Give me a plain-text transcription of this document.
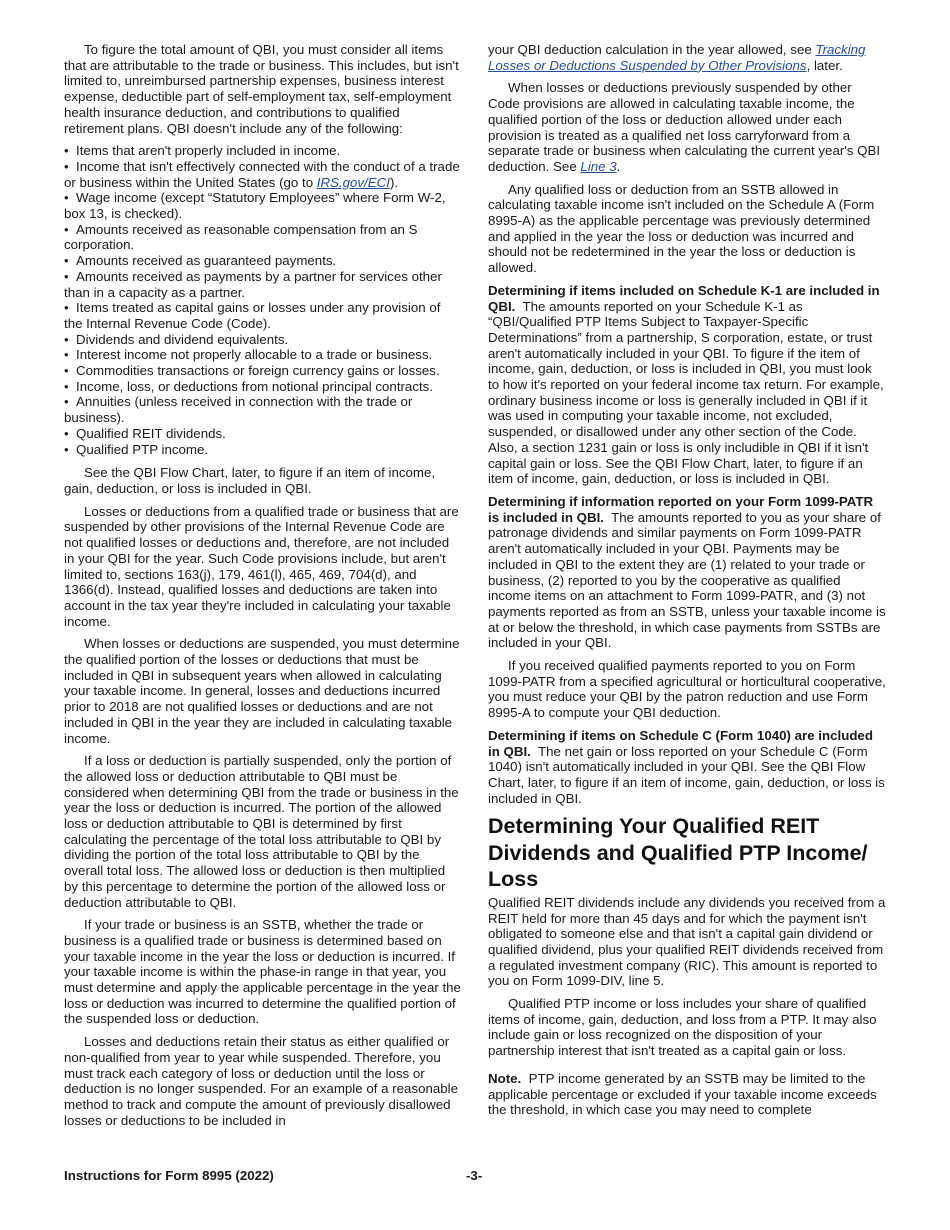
To figure the total amount of QBI, you must consider all items that are attributable to the trade or business. This includes, but isn't limited to, unreimbursed partnership expenses, business interest expense, deductible part of self-employment tax, self-employment health insurance deduction, and contributions to qualified retirement plans. QBI doesn't include any of the following:

•  Items that aren't properly included in income.
•  Income that isn't effectively connected with the conduct of a trade or business within the United States (go to IRS.gov/ECI).
•  Wage income (except “Statutory Employees” where Form W-2, box 13, is checked).
•  Amounts received as reasonable compensation from an S corporation.
•  Amounts received as guaranteed payments.
•  Amounts received as payments by a partner for services other than in a capacity as a partner.
•  Items treated as capital gains or losses under any provision of the Internal Revenue Code (Code).
•  Dividends and dividend equivalents.
•  Interest income not properly allocable to a trade or business.
•  Commodities transactions or foreign currency gains or losses.
•  Income, loss, or deductions from notional principal contracts.
•  Annuities (unless received in connection with the trade or business).
•  Qualified REIT dividends.
•  Qualified PTP income.

See the QBI Flow Chart, later, to figure if an item of income, gain, deduction, or loss is included in QBI.

Losses or deductions from a qualified trade or business that are suspended by other provisions of the Internal Revenue Code are not qualified losses or deductions and, therefore, are not included in your QBI for the year. Such Code provisions include, but aren't limited to, sections 163(j), 179, 461(l), 465, 469, 704(d), and 1366(d). Instead, qualified losses and deductions are taken into account in the tax year they're included in calculating your taxable income.

When losses or deductions are suspended, you must determine the qualified portion of the losses or deductions that must be included in QBI in subsequent years when allowed in calculating your taxable income. In general, losses and deductions incurred prior to 2018 are not qualified losses or deductions and are not included in QBI in the year they are included in calculating taxable income.

If a loss or deduction is partially suspended, only the portion of the allowed loss or deduction attributable to QBI must be considered when determining QBI from the trade or business in the year the loss or deduction is incurred. The portion of the allowed loss or deduction attributable to QBI is determined by first calculating the percentage of the total loss attributable to QBI by dividing the portion of the total loss attributable to QBI by the overall total loss. The allowed loss or deduction is then multiplied by this percentage to determine the portion of the allowed loss or deduction attributable to QBI.

If your trade or business is an SSTB, whether the trade or business is a qualified trade or business is determined based on your taxable income in the year the loss or deduction is incurred. If your taxable income is within the phase-in range in that year, you must determine and apply the applicable percentage in the year the loss or deduction was incurred to determine the qualified portion of the suspended loss or deduction.

Losses and deductions retain their status as either qualified or non-qualified from year to year while suspended. Therefore, you must track each category of loss or deduction until the loss or deduction is no longer suspended. For an example of a reasonable method to track and compute the amount of previously disallowed losses or deductions to be included in

your QBI deduction calculation in the year allowed, see Tracking Losses or Deductions Suspended by Other Provisions, later.

When losses or deductions previously suspended by other Code provisions are allowed in calculating taxable income, the qualified portion of the loss or deduction allowed under each provision is treated as a qualified net loss carryforward from a separate trade or business when calculating the current year's QBI deduction. See Line 3.

Any qualified loss or deduction from an SSTB allowed in calculating taxable income isn't included on the Schedule A (Form 8995-A) as the applicable percentage was previously determined and applied in the year the loss or deduction was incurred and should not be redetermined in the year the loss or deduction is allowed.

Determining if items included on Schedule K-1 are included in QBI. The amounts reported on your Schedule K-1 as “QBI/Qualified PTP Items Subject to Taxpayer-Specific Determinations” from a partnership, S corporation, estate, or trust aren't automatically included in your QBI. To figure if the item of income, gain, deduction, or loss is included in QBI, you must look to how it's reported on your federal income tax return. For example, ordinary business income or loss is generally included in QBI if it was used in computing your taxable income, not excluded, suspended, or disallowed under any other section of the Code. Also, a section 1231 gain or loss is only includible in QBI if it isn't capital gain or loss. See the QBI Flow Chart, later, to figure if an item of income, gain, deduction, or loss is included in QBI.

Determining if information reported on your Form 1099-PATR is included in QBI. The amounts reported to you as your share of patronage dividends and similar payments on Form 1099-PATR aren't automatically included in your QBI. Payments may be included in QBI to the extent they are (1) related to your trade or business, (2) reported to you by the cooperative as qualified income items on an attachment to Form 1099-PATR, and (3) not payments reported as from an SSTB, unless your taxable income is at or below the threshold, in which case payments from SSTBs are included in your QBI.

If you received qualified payments reported to you on Form 1099-PATR from a specified agricultural or horticultural cooperative, you must reduce your QBI by the patron reduction and use Form 8995-A to compute your QBI deduction.

Determining if items on Schedule C (Form 1040) are included in QBI. The net gain or loss reported on your Schedule C (Form 1040) isn't automatically included in your QBI. See the QBI Flow Chart, later, to figure if an item of income, gain, deduction, or loss is included in QBI.

Determining Your Qualified REIT Dividends and Qualified PTP Income/ Loss

Qualified REIT dividends include any dividends you received from a REIT held for more than 45 days and for which the payment isn't obligated to someone else and that isn't a capital gain dividend or qualified dividend, plus your qualified REIT dividends received from a regulated investment company (RIC). This amount is reported to you on Form 1099-DIV, line 5.

Qualified PTP income or loss includes your share of qualified items of income, gain, deduction, and loss from a PTP. It may also include gain or loss recognized on the disposition of your partnership interest that isn't treated as a capital gain or loss.

Note. PTP income generated by an SSTB may be limited to the applicable percentage or excluded if your taxable income exceeds the threshold, in which case you may need to complete

Instructions for Form 8995 (2022)	-3-
